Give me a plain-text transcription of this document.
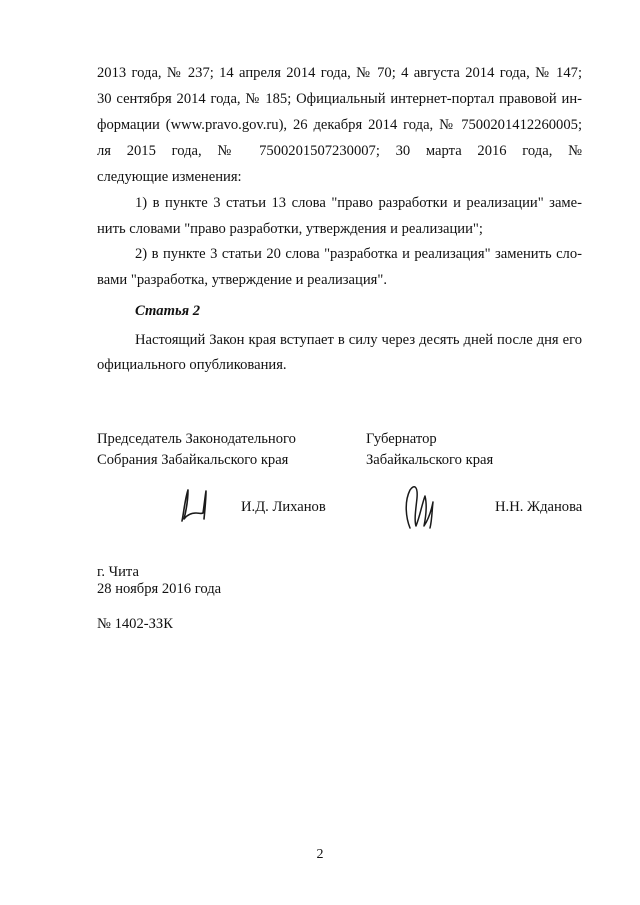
2013 года, № 237; 14 апреля 2014 года, № 70; 4 августа 2014 года, № 147;
30 сентября 2014 года, № 185; Официальный интернет-портал правовой ин-
формации (www.pravo.gov.ru), 26 декабря 2014 года, № 7500201412260005;
ля 2015 года, № 7500201507230007; 30 марта 2016 года, №
следующие изменения:
1) в пункте 3 статьи 13 слова "право разработки и реализации" заме-
нить словами "право разработки, утверждения и реализации";
2) в пункте 3 статьи 20 слова "разработка и реализация" заменить сло-
вами "разработка, утверждение и реализация".
Статья 2
Настоящий Закон края вступает в силу через десять дней после дня его
официального опубликования.
Председатель Законодательного
Собрания Забайкальского края
И.Д. Лиханов
Губернатор
Забайкальского края
Н.Н. Жданова
г. Чита
28 ноября 2016 года
№ 1402-ЗЗК
2
